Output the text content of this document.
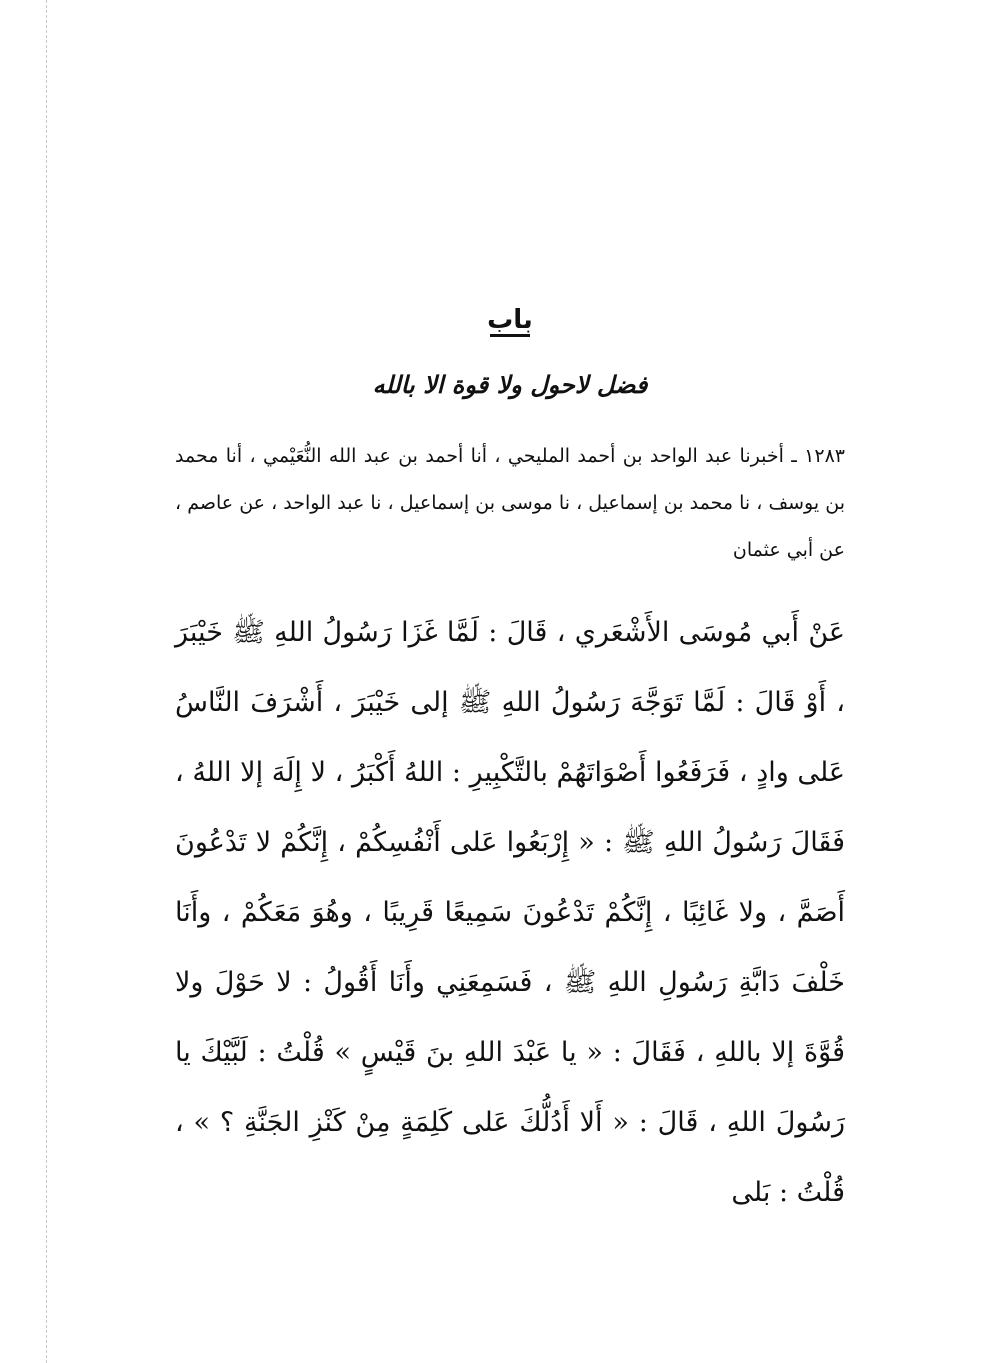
باب
فضل لاحول ولا قوة الا بالله

١٢٨٣ ـ أخبرنا عبد الواحد بن أحمد المليحي ، أنا أحمد بن عبد الله النُّعَيْمي ، أنا محمد بن يوسف ، نا محمد بن إسماعيل ، نا موسى بن إسماعيل ، نا عبد الواحد ، عن عاصم ، عن أبي عثمان

عَنْ أَبي مُوسَى الأَشْعَري ، قَالَ : لَمَّا غَزَا رَسُولُ اللهِ ﷺ خَيْبَرَ ، أَوْ قَالَ : لَمَّا تَوَجَّهَ رَسُولُ اللهِ ﷺ إلى خَيْبَرَ ، أَشْرَفَ النَّاسُ عَلى وادٍ ، فَرَفَعُوا أَصْوَاتَهُمْ بالتَّكْبِيرِ : اللهُ أَكْبَرُ ، لا إِلَهَ إلا اللهُ ، فَقَالَ رَسُولُ اللهِ ﷺ : « إِرْبَعُوا عَلى أَنْفُسِكُمْ ، إِنَّكُمْ لا تَدْعُونَ أَصَمَّ ، ولا غَائِبًا ، إِنَّكُمْ تَدْعُونَ سَمِيعًا قَرِيبًا ، وهُوَ مَعَكُمْ ، وأَنَا خَلْفَ دَابَّةِ رَسُولِ اللهِ ﷺ ، فَسَمِعَنِي وأَنَا أَقُولُ : لا حَوْلَ ولا قُوَّةَ إلا باللهِ ، فَقَالَ : « يا عَبْدَ اللهِ بنَ قَيْسٍ » قُلْتُ : لَبَّيْكَ يا رَسُولَ اللهِ ، قَالَ : « أَلا أَدُلُّكَ عَلى كَلِمَةٍ مِنْ كَنْزِ الجَنَّةِ ؟ » ، قُلْتُ : بَلى
